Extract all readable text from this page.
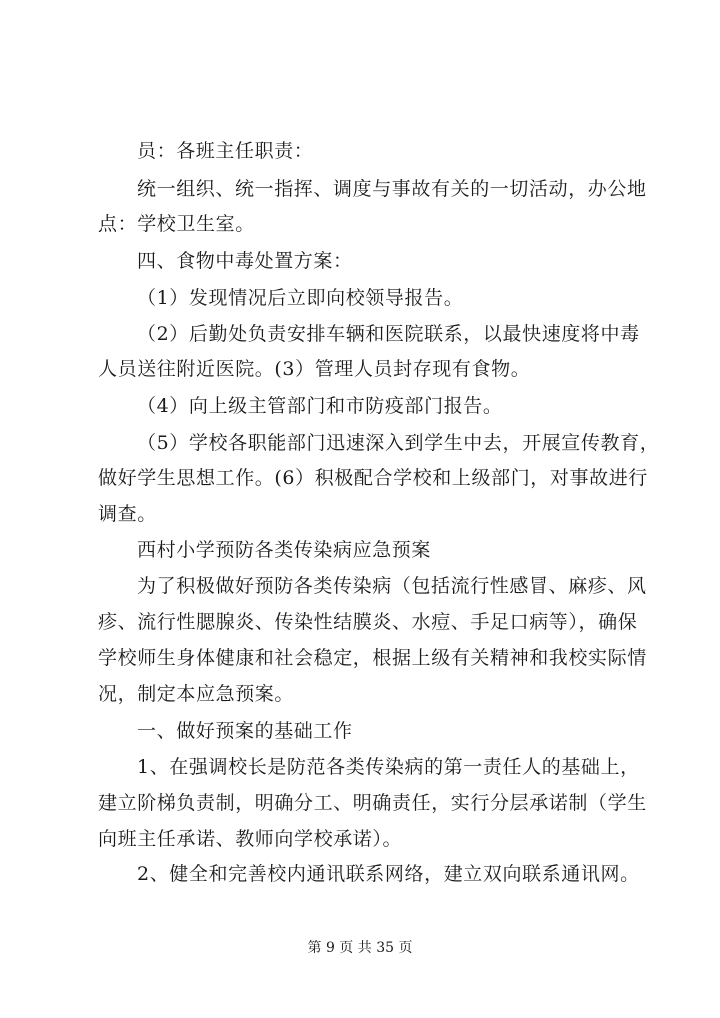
员：各班主任职责：
统一组织、统一指挥、调度与事故有关的一切活动，办公地
点：学校卫生室。
四、食物中毒处置方案：
（1）发现情况后立即向校领导报告。
（2）后勤处负责安排车辆和医院联系，以最快速度将中毒
人员送往附近医院。(3）管理人员封存现有食物。
（4）向上级主管部门和市防疫部门报告。
（5）学校各职能部门迅速深入到学生中去，开展宣传教育，
做好学生思想工作。(6）积极配合学校和上级部门，对事故进行
调查。
西村小学预防各类传染病应急预案
为了积极做好预防各类传染病（包括流行性感冒、麻疹、风
疹、流行性腮腺炎、传染性结膜炎、水痘、手足口病等），确保
学校师生身体健康和社会稳定，根据上级有关精神和我校实际情
况，制定本应急预案。
一、做好预案的基础工作
1、在强调校长是防范各类传染病的第一责任人的基础上，
建立阶梯负责制，明确分工、明确责任，实行分层承诺制（学生
向班主任承诺、教师向学校承诺）。
2、健全和完善校内通讯联系网络，建立双向联系通讯网。
第 9 页 共 35 页
